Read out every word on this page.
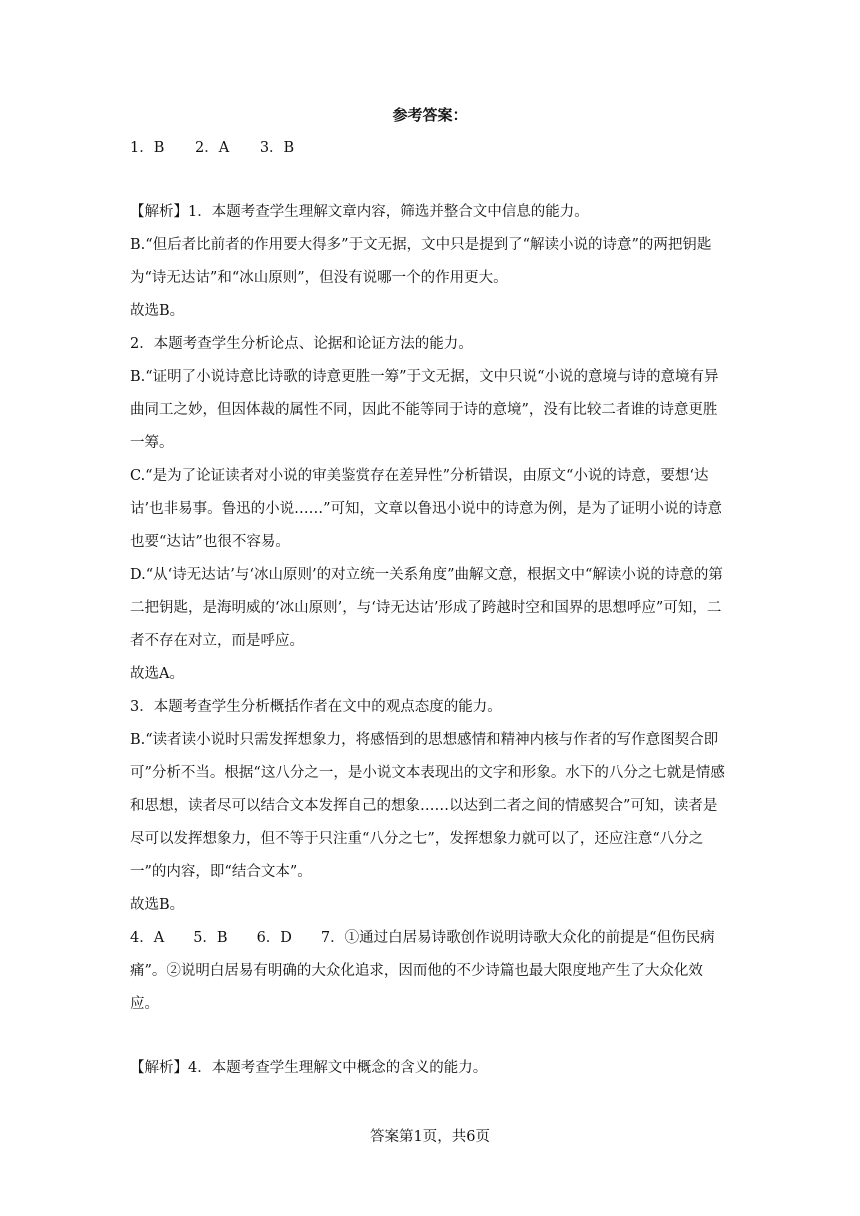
参考答案：

1．B 2．A 3．B

【解析】1．本题考查学生理解文章内容，筛选并整合文中信息的能力。

B.“但后者比前者的作用要大得多”于文无据，文中只是提到了“解读小说的诗意”的两把钥匙为“诗无达诂”和“冰山原则”，但没有说哪一个的作用更大。

故选B。

2．本题考查学生分析论点、论据和论证方法的能力。

B.“证明了小说诗意比诗歌的诗意更胜一筹”于文无据，文中只说“小说的意境与诗的意境有异曲同工之妙，但因体裁的属性不同，因此不能等同于诗的意境”，没有比较二者谁的诗意更胜一筹。

C.“是为了论证读者对小说的审美鉴赏存在差异性”分析错误，由原文“小说的诗意，要想‘达诂’也非易事。鲁迅的小说……”可知，文章以鲁迅小说中的诗意为例，是为了证明小说的诗意也要“达诂”也很不容易。

D.“从‘诗无达诂’与‘冰山原则’的对立统一关系角度”曲解文意，根据文中“解读小说的诗意的第二把钥匙，是海明威的‘冰山原则’，与‘诗无达诂’形成了跨越时空和国界的思想呼应”可知，二者不存在对立，而是呼应。

故选A。

3．本题考查学生分析概括作者在文中的观点态度的能力。

B.“读者读小说时只需发挥想象力，将感悟到的思想感情和精神内核与作者的写作意图契合即可”分析不当。根据“这八分之一，是小说文本表现出的文字和形象。水下的八分之七就是情感和思想，读者尽可以结合文本发挥自己的想象……以达到二者之间的情感契合”可知，读者是尽可以发挥想象力，但不等于只注重“八分之七”，发挥想象力就可以了，还应注意“八分之一”的内容，即“结合文本”。

故选B。

4．A　　5．B　　6．D　　7．①通过白居易诗歌创作说明诗歌大众化的前提是“但伤民病痛”。②说明白居易有明确的大众化追求，因而他的不少诗篇也最大限度地产生了大众化效应。

【解析】4．本题考查学生理解文中概念的含义的能力。

答案第1页，共6页
